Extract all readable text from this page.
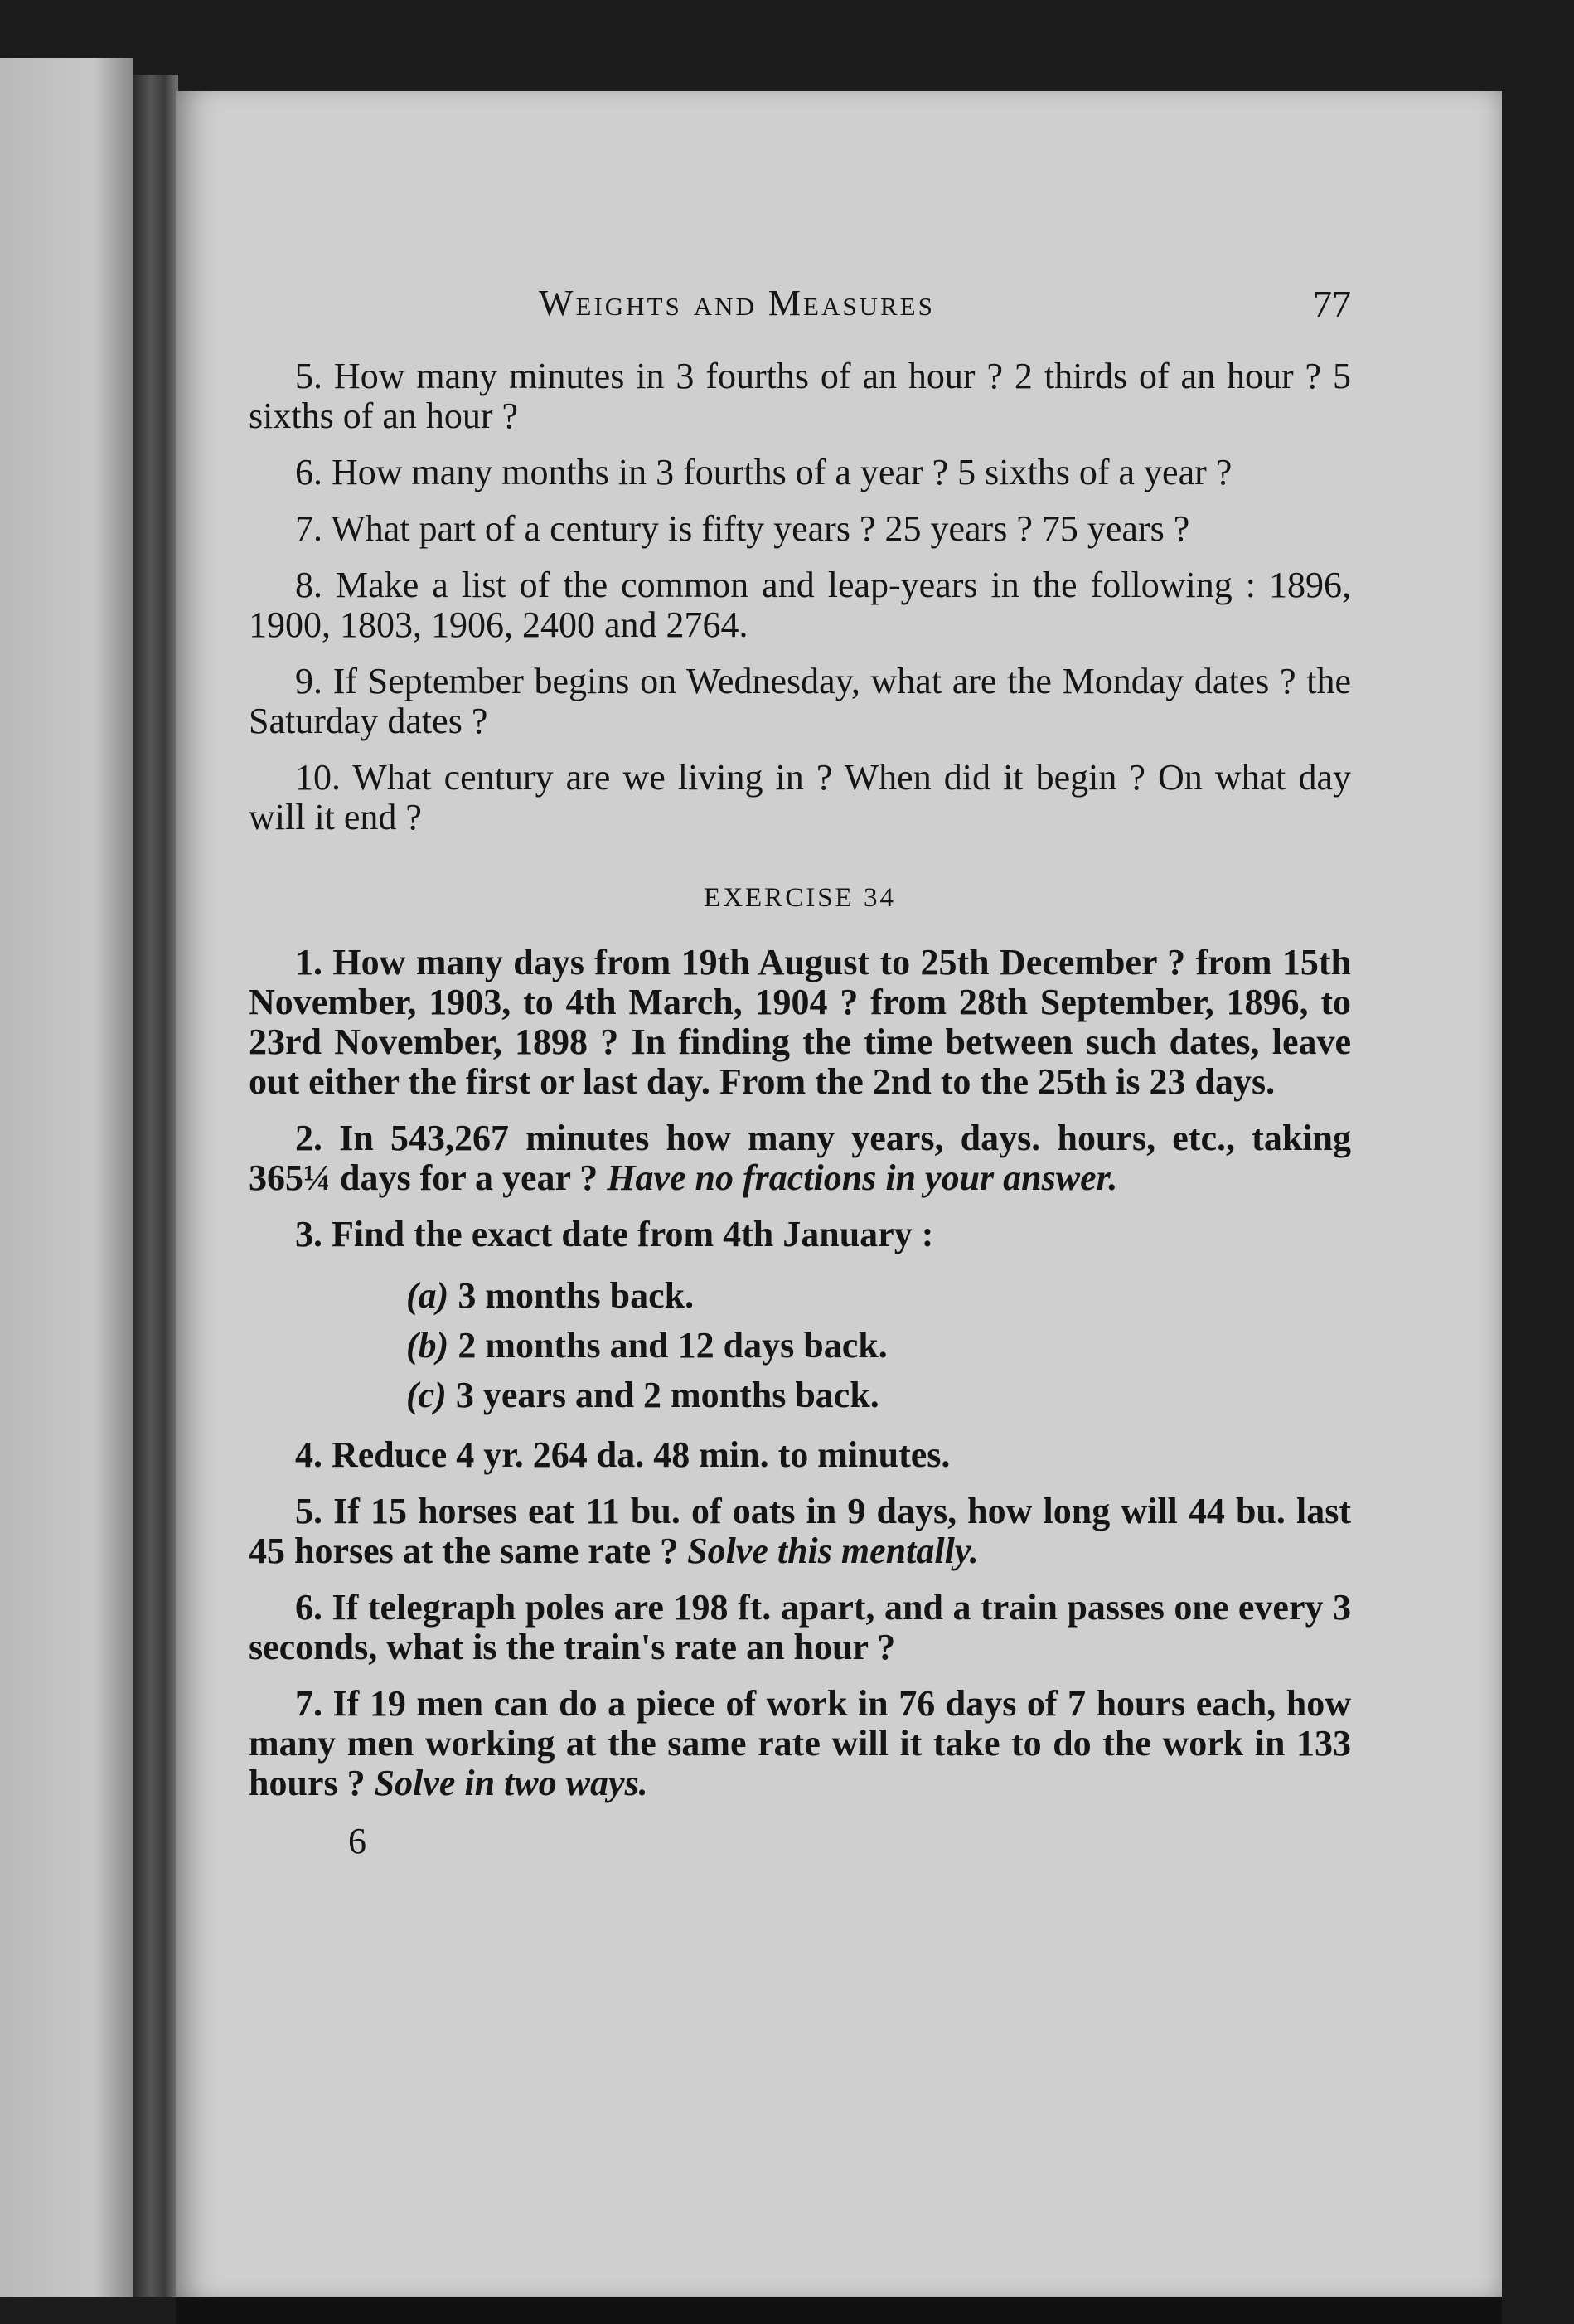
Weights and Measures	77

5. How many minutes in 3 fourths of an hour ? 2 thirds of an hour ? 5 sixths of an hour ?

6. How many months in 3 fourths of a year ? 5 sixths of a year ?

7. What part of a century is fifty years ? 25 years ? 75 years ?

8. Make a list of the common and leap-years in the following : 1896, 1900, 1803, 1906, 2400 and 2764.

9. If September begins on Wednesday, what are the Monday dates ? the Saturday dates ?

10. What century are we living in ? When did it begin ? On what day will it end ?

EXERCISE 34

1. How many days from 19th August to 25th December ? from 15th November, 1903, to 4th March, 1904 ? from 28th September, 1896, to 23rd November, 1898 ? In finding the time between such dates, leave out either the first or last day. From the 2nd to the 25th is 23 days.

2. In 543,267 minutes how many years, days. hours, etc., taking 365¼ days for a year ? Have no fractions in your answer.

3. Find the exact date from 4th January :

(a) 3 months back.
(b) 2 months and 12 days back.
(c) 3 years and 2 months back.

4. Reduce 4 yr. 264 da. 48 min. to minutes.

5. If 15 horses eat 11 bu. of oats in 9 days, how long will 44 bu. last 45 horses at the same rate ? Solve this mentally.

6. If telegraph poles are 198 ft. apart, and a train passes one every 3 seconds, what is the train's rate an hour ?

7. If 19 men can do a piece of work in 76 days of 7 hours each, how many men working at the same rate will it take to do the work in 133 hours ? Solve in two ways.

6
